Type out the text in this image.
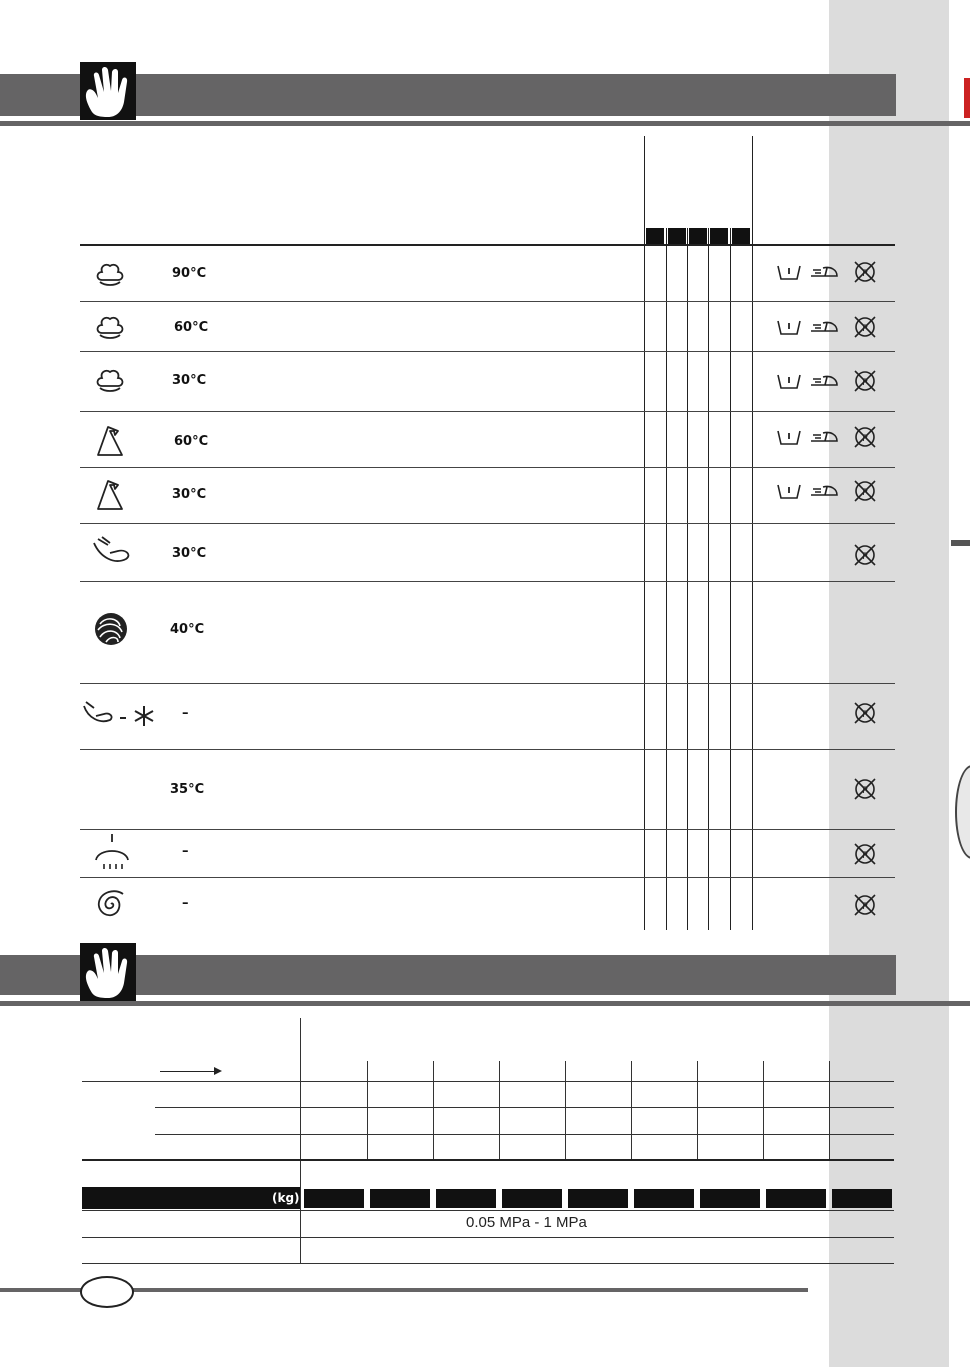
90°C
60°C
30°C
60°C
30°C
30°C
40°C
–
35°C
–
–
P
P
P
P
P
P
P
P
P
P
(kg)
0.05 MPa - 1 MPa
